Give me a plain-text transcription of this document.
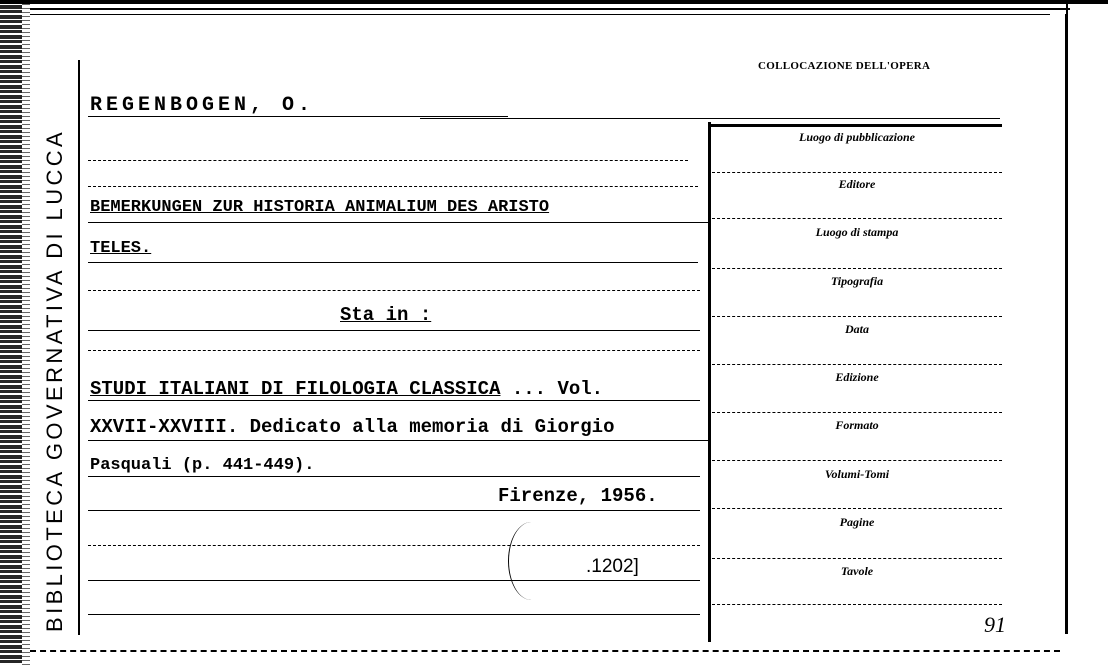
BIBLIOTECA GOVERNATIVA DI LUCCA
REGENBOGEN, O.
BEMERKUNGEN ZUR HISTORIA ANIMALIUM DES ARISTO
TELES.
Sta in :
STUDI ITALIANI DI FILOLOGIA CLASSICA ... Vol.
XXVII-XXVIII. Dedicato alla memoria di Giorgio
Pasquali (p. 441-449).
Firenze, 1956.
.1202]
COLLOCAZIONE DELL'OPERA
Luogo di pubblicazione
Editore
Luogo di stampa
Tipografia
Data
Edizione
Formato
Volumi-Tomi
Pagine
Tavole
91
